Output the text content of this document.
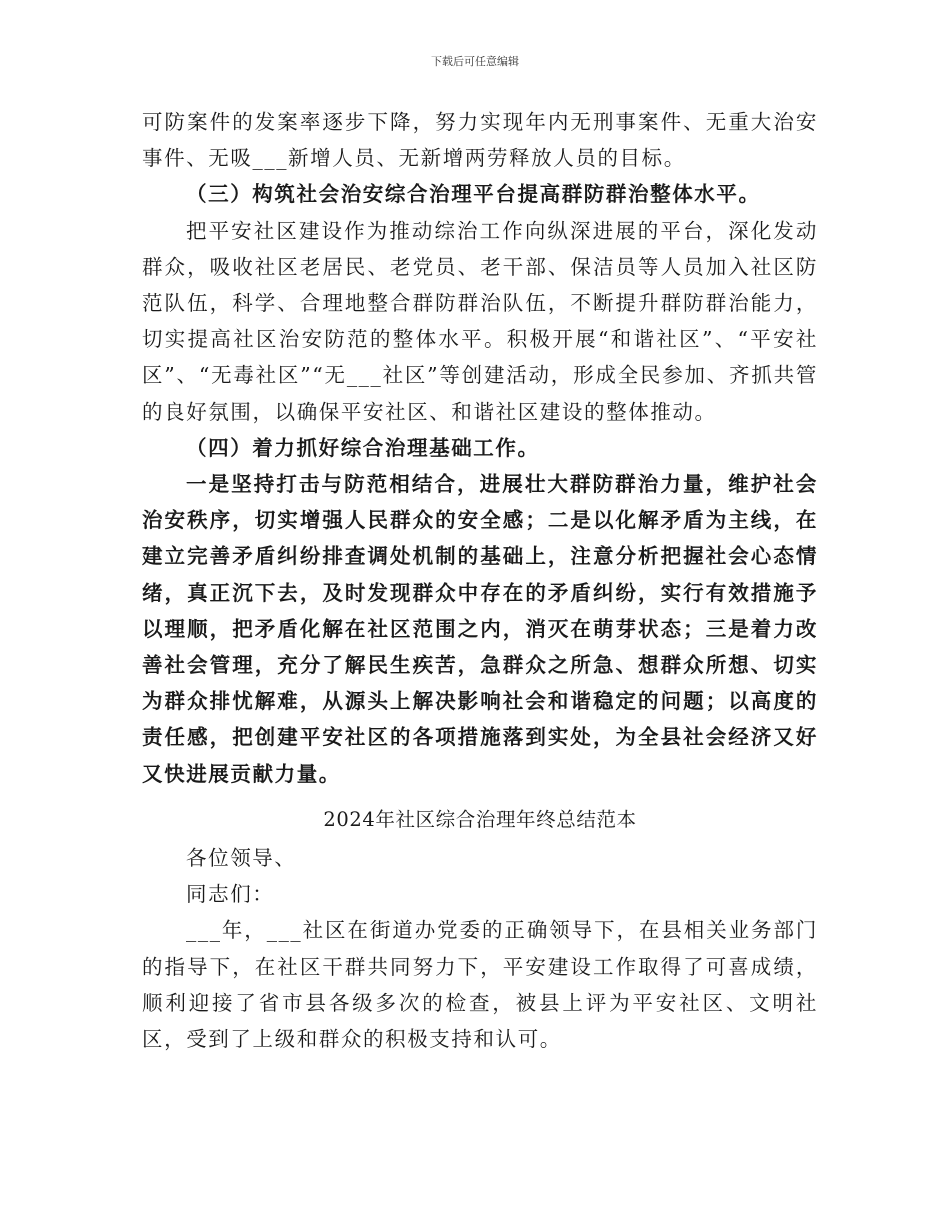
下载后可任意编辑

可防案件的发案率逐步下降，努力实现年内无刑事案件、无重大治安事件、无吸___新增人员、无新增两劳释放人员的目标。

（三）构筑社会治安综合治理平台提高群防群治整体水平。

把平安社区建设作为推动综治工作向纵深进展的平台，深化发动群众，吸收社区老居民、老党员、老干部、保洁员等人员加入社区防范队伍，科学、合理地整合群防群治队伍，不断提升群防群治能力，切实提高社区治安防范的整体水平。积极开展“和谐社区”、“平安社区”、“无毒社区”“无___社区”等创建活动，形成全民参加、齐抓共管的良好氛围，以确保平安社区、和谐社区建设的整体推动。

（四）着力抓好综合治理基础工作。

一是坚持打击与防范相结合，进展壮大群防群治力量，维护社会治安秩序，切实增强人民群众的安全感；二是以化解矛盾为主线，在建立完善矛盾纠纷排查调处机制的基础上，注意分析把握社会心态情绪，真正沉下去，及时发现群众中存在的矛盾纠纷，实行有效措施予以理顺，把矛盾化解在社区范围之内，消灭在萌芽状态；三是着力改善社会管理，充分了解民生疾苦，急群众之所急、想群众所想、切实为群众排忧解难，从源头上解决影响社会和谐稳定的问题；以高度的责任感，把创建平安社区的各项措施落到实处，为全县社会经济又好又快进展贡献力量。

2024年社区综合治理年终总结范本

各位领导、

同志们：

___年，___社区在街道办党委的正确领导下，在县相关业务部门的指导下，在社区干群共同努力下，平安建设工作取得了可喜成绩，顺利迎接了省市县各级多次的检查，被县上评为平安社区、文明社区，受到了上级和群众的积极支持和认可。
